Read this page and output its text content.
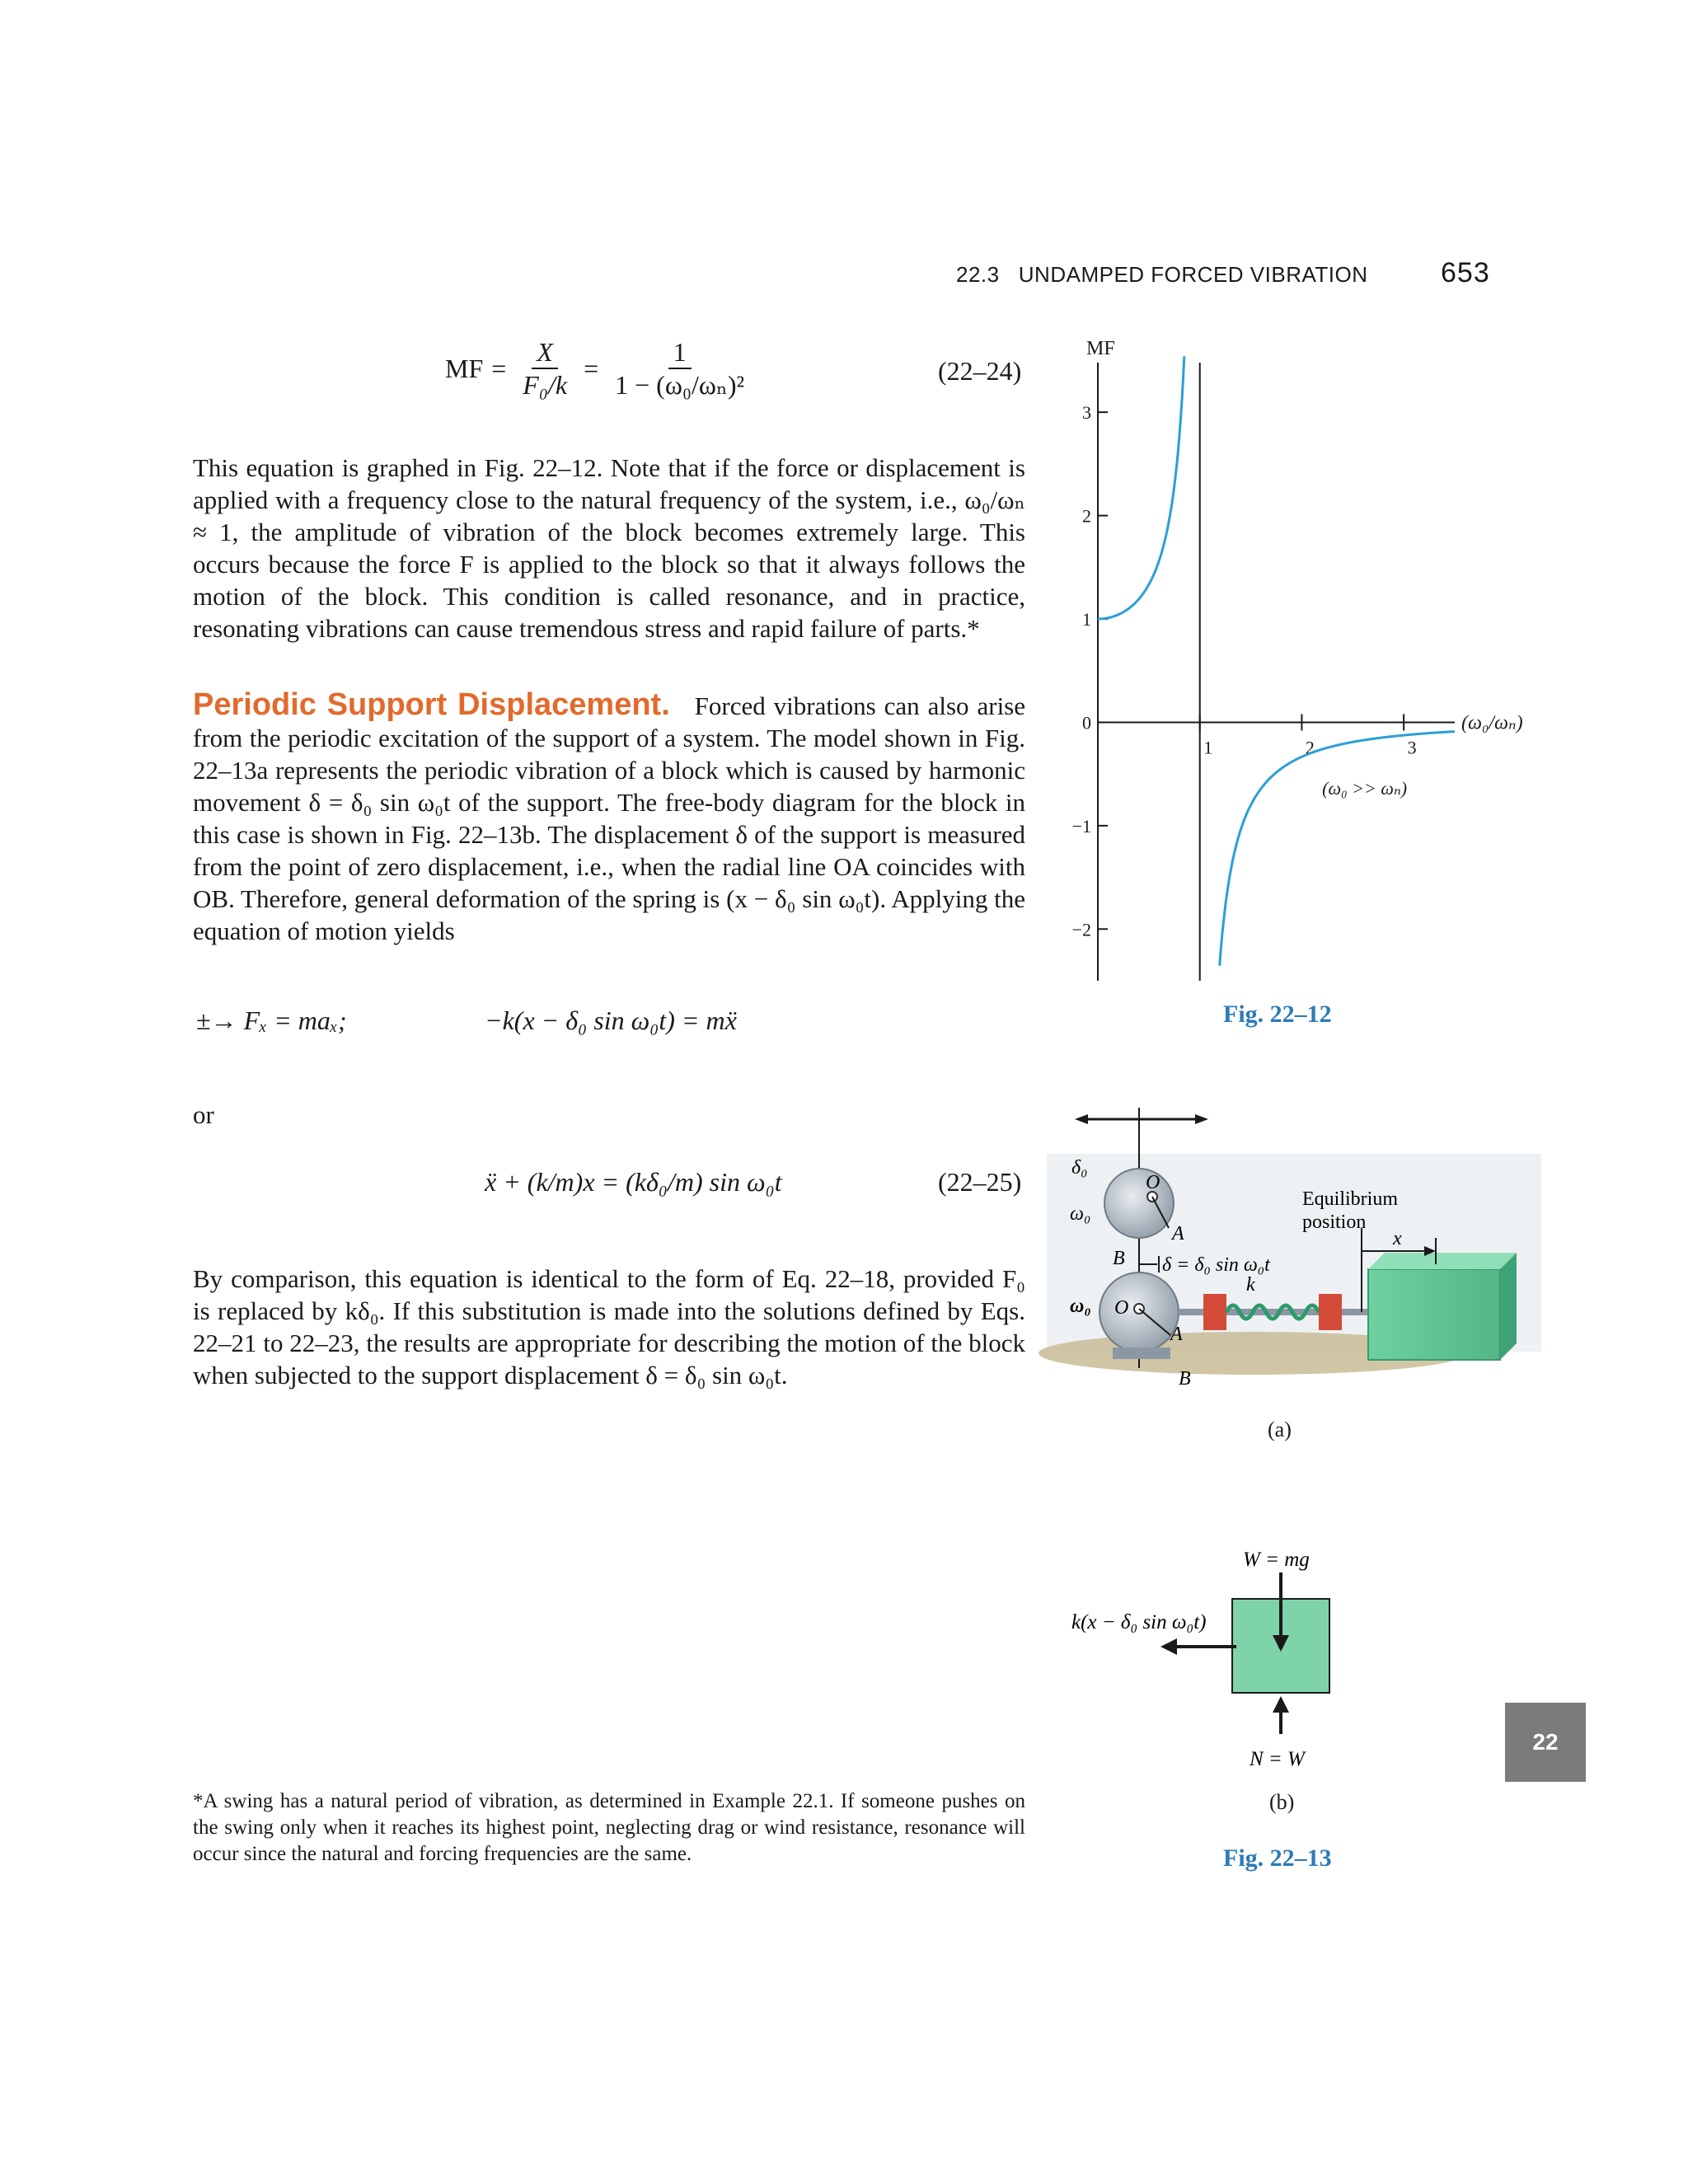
22.3 UNDAMPED FORCED VIBRATION	653
MF = $\frac{X}{\text{F₀/k}} = \frac{1}{\text{1 − (ω₀/ωₙ)²}}$	(22–24)
This equation is graphed in Fig. 22–12. Note that if the force or displacement is applied with a frequency close to the natural frequency of the system, i.e., ω₀/ωₙ ≈ 1, the amplitude of vibration of the block becomes extremely large. This occurs because the force F is applied to the block so that it always follows the motion of the block. This condition is called resonance, and in practice, resonating vibrations can cause tremendous stress and rapid failure of parts.*
Periodic Support Displacement. Forced vibrations can also arise from the periodic excitation of the support of a system. The model shown in Fig. 22–13a represents the periodic vibration of a block which is caused by harmonic movement δ = δ₀ sin ω₀t of the support. The free-body diagram for the block in this case is shown in Fig. 22–13b. The displacement δ of the support is measured from the point of zero displacement, i.e., when the radial line OA coincides with OB. Therefore, general deformation of the spring is (x − δ₀ sin ω₀t). Applying the equation of motion yields
±→ Fₓ = maₓ;	−k(x − δ₀ sin ω₀t) = mẍ
or
ẍ + (k/m)x = (kδ₀/m) sin ω₀t	(22–25)
By comparison, this equation is identical to the form of Eq. 22–18, provided F₀ is replaced by kδ₀. If this substitution is made into the solutions defined by Eqs. 22–21 to 22–23, the results are appropriate for describing the motion of the block when subjected to the support displacement δ = δ₀ sin ω₀t.
*A swing has a natural period of vibration, as determined in Example 22.1. If someone pushes on the swing only when it reaches its highest point, neglecting drag or wind resistance, resonance will occur since the natural and forcing frequencies are the same.
−2
−1
0
1
2
3
1	2	3
MF
(ω₀/ωₙ)
(ω₀ >> ωₙ)
Fig. 22–12
δ₀
ω₀
O
A
B
ω₀ O
A
B
δ = δ₀ sin ω₀t
k
Equilibrium
position
x
(a)
W = mg
k(x − δ₀ sin ω₀t)
N = W
(b)
Fig. 22–13
22
